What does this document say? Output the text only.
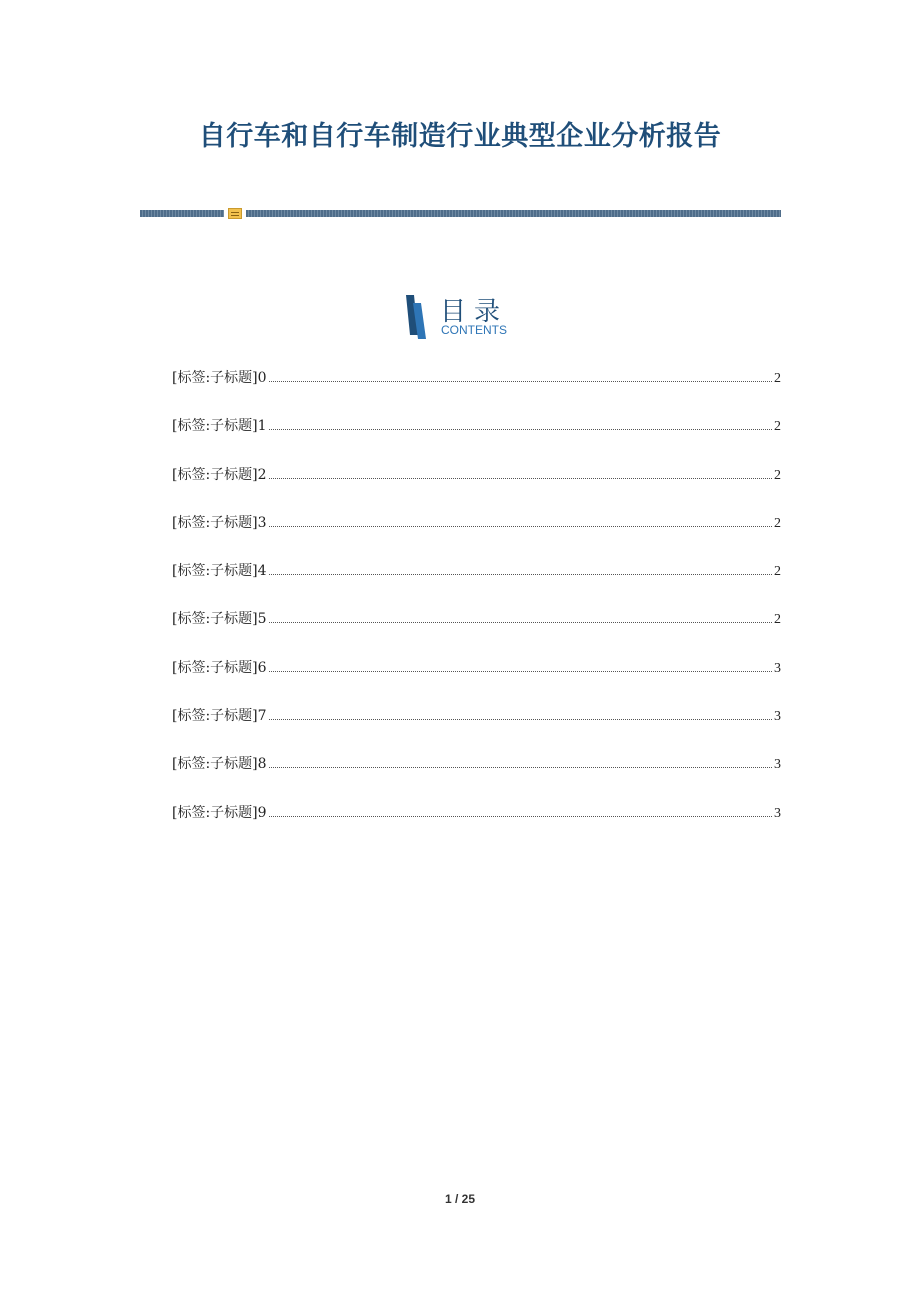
自行车和自行车制造行业典型企业分析报告
目录
CONTENTS
[标签:子标题]0	2
[标签:子标题]1	2
[标签:子标题]2	2
[标签:子标题]3	2
[标签:子标题]4	2
[标签:子标题]5	2
[标签:子标题]6	3
[标签:子标题]7	3
[标签:子标题]8	3
[标签:子标题]9	3
1 / 25
